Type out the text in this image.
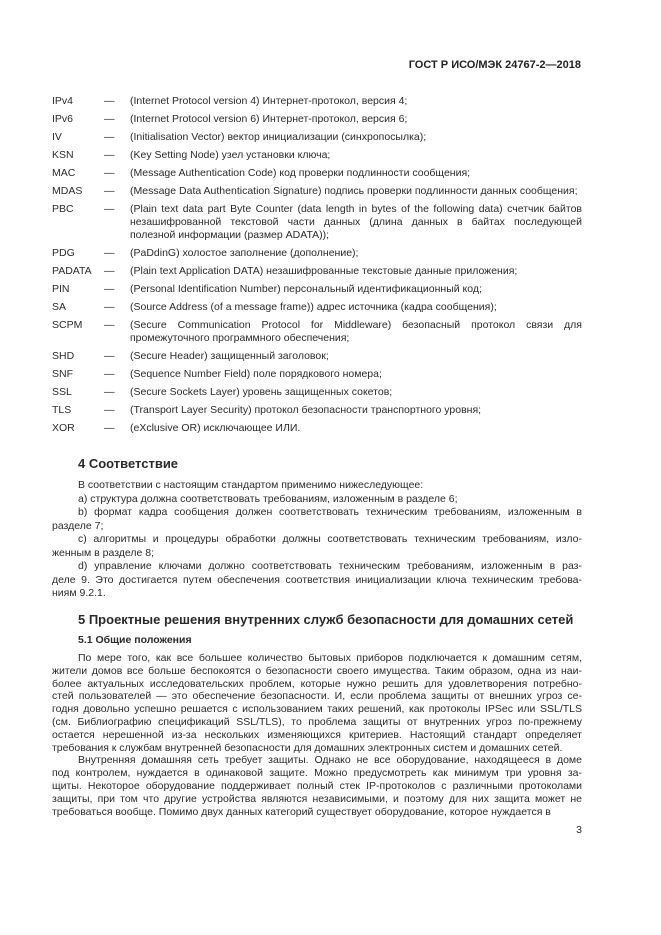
ГОСТ Р ИСО/МЭК 24767-2—2018
IPv4	—	(Internet Protocol version 4) Интернет-протокол, версия 4;
IPv6	—	(Internet Protocol version 6) Интернет-протокол, версия 6;
IV	—	(Initialisation Vector) вектор инициализации (синхропосылка);
KSN	—	(Key Setting Node) узел установки ключа;
MAC	—	(Message Authentication Code) код проверки подлинности сообщения;
MDAS	—	(Message Data Authentication Signature) подпись проверки подлинности данных сообщения;
PBC	—	(Plain text data part Byte Counter (data length in bytes of the following data) счетчик байтов
незашифрованной текстовой части данных (длина данных в байтах последующей
полезной информации (размер ADATA));
PDG	—	(PaDdinG) холостое заполнение (дополнение);
PADATA	—	(Plain text Application DATA) незашифрованные текстовые данные приложения;
PIN	—	(Personal Identification Number) персональный идентификационный код;
SA	—	(Source Address (of a message frame)) адрес источника (кадра сообщения);
SCPM	—	(Secure Communication Protocol for Middleware) безопасный протокол связи для
промежуточного программного обеспечения;
SHD	—	(Secure Header) защищенный заголовок;
SNF	—	(Sequence Number Field) поле порядкового номера;
SSL	—	(Secure Sockets Layer) уровень защищенных сокетов;
TLS	—	(Transport Layer Security) протокол безопасности транспортного уровня;
XOR	—	(eXclusive OR) исключающее ИЛИ.
4 Соответствие
В соответствии с настоящим стандартом применимо нижеследующее:
а) структура должна соответствовать требованиям, изложенным в разделе 6;
b) формат кадра сообщения должен соответствовать техническим требованиям, изложенным в
разделе 7;
c) алгоритмы и процедуры обработки должны соответствовать техническим требованиям, изло-
женным в разделе 8;
d) управление ключами должно соответствовать техническим требованиям, изложенным в раз-
деле 9. Это достигается путем обеспечения соответствия инициализации ключа техническим требова-
ниям 9.2.1.
5 Проектные решения внутренних служб безопасности для домашних сетей
5.1 Общие положения
По мере того, как все большее количество бытовых приборов подключается к домашним сетям,
жители домов все больше беспокоятся о безопасности своего имущества. Таким образом, одна из наи-
более актуальных исследовательских проблем, которые нужно решить для удовлетворения потребно-
стей пользователей — это обеспечение безопасности. И, если проблема защиты от внешних угроз се-
годня довольно успешно решается с использованием таких решений, как протоколы IPSec или SSL/TLS
(см. Библиографию спецификаций SSL/TLS), то проблема защиты от внутренних угроз по-прежнему
остается нерешенной из-за нескольких изменяющихся критериев. Настоящий стандарт определяет
требования к службам внутренней безопасности для домашних электронных систем и домашних сетей.
Внутренняя домашняя сеть требует защиты. Однако не все оборудование, находящееся в доме
под контролем, нуждается в одинаковой защите. Можно предусмотреть как минимум три уровня за-
щиты. Некоторое оборудование поддерживает полный стек IP-протоколов с различными протоколами
защиты, при том что другие устройства являются независимыми, и поэтому для них защита может не
требоваться вообще. Помимо двух данных категорий существует оборудование, которое нуждается в
3
